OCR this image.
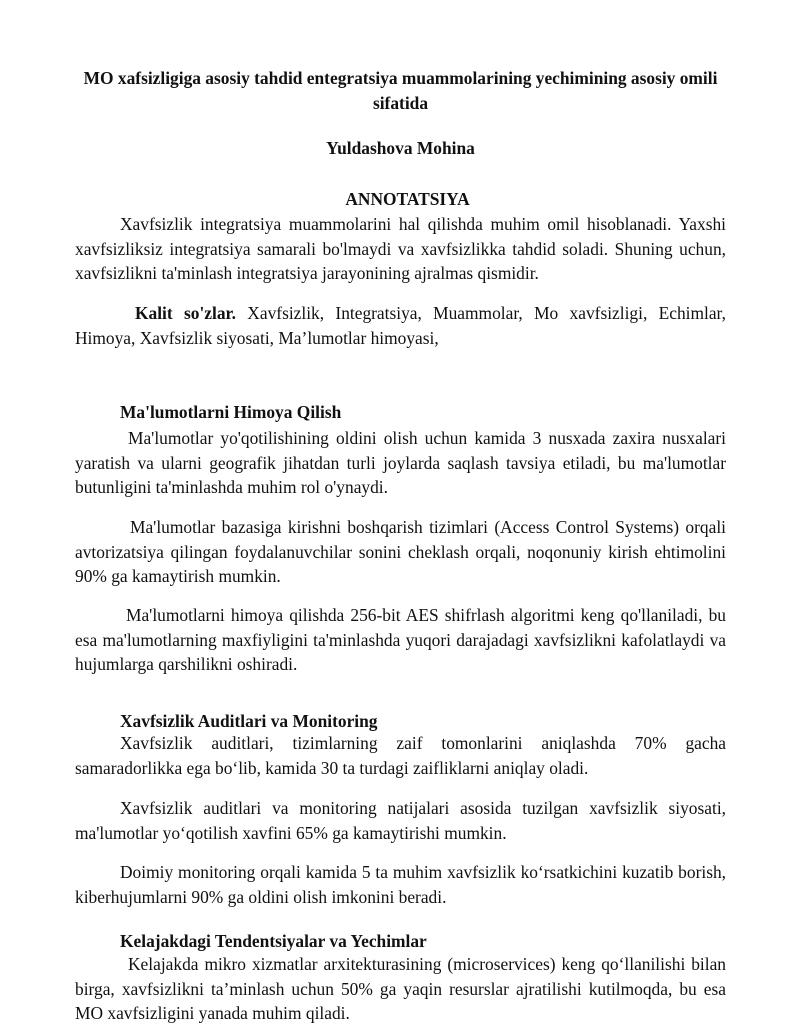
MO xafsizligiga asosiy tahdid entegratsiya muammolarining yechimining asosiy omili sifatida

Yuldashova Mohina

ANNOTATSIYA

Xavfsizlik integratsiya muammolarini hal qilishda muhim omil hisoblanadi. Yaxshi xavfsizliksiz integratsiya samarali bo'lmaydi va xavfsizlikka tahdid soladi. Shuning uchun, xavfsizlikni ta'minlash integratsiya jarayonining ajralmas qismidir.

Kalit so'zlar. Xavfsizlik, Integratsiya, Muammolar, Mo xavfsizligi, Echimlar, Himoya, Xavfsizlik siyosati, Ma’lumotlar himoyasi,

Ma'lumotlarni Himoya Qilish

Ma'lumotlar yo'qotilishining oldini olish uchun kamida 3 nusxada zaxira nusxalari yaratish va ularni geografik jihatdan turli joylarda saqlash tavsiya etiladi, bu ma'lumotlar butunligini ta'minlashda muhim rol o'ynaydi.

Ma'lumotlar bazasiga kirishni boshqarish tizimlari (Access Control Systems) orqali avtorizatsiya qilingan foydalanuvchilar sonini cheklash orqali, noqonuniy kirish ehtimolini 90% ga kamaytirish mumkin.

Ma'lumotlarni himoya qilishda 256-bit AES shifrlash algoritmi keng qo'llaniladi, bu esa ma'lumotlarning maxfiyligini ta'minlashda yuqori darajadagi xavfsizlikni kafolatlaydi va hujumlarga qarshilikni oshiradi.

Xavfsizlik Auditlari va Monitoring

Xavfsizlik auditlari, tizimlarning zaif tomonlarini aniqlashda 70% gacha samaradorlikka ega bo‘lib, kamida 30 ta turdagi zaifliklarni aniqlay oladi.

Xavfsizlik auditlari va monitoring natijalari asosida tuzilgan xavfsizlik siyosati, ma'lumotlar yo‘qotilish xavfini 65% ga kamaytirishi mumkin.

Doimiy monitoring orqali kamida 5 ta muhim xavfsizlik ko‘rsatkichini kuzatib borish, kiberhujumlarni 90% ga oldini olish imkonini beradi.

Kelajakdagi Tendentsiyalar va Yechimlar

Kelajakda mikro xizmatlar arxitekturasining (microservices) keng qo‘llanilishi bilan birga, xavfsizlikni ta’minlash uchun 50% ga yaqin resurslar ajratilishi kutilmoqda, bu esa MO xavfsizligini yanada muhim qiladi.
